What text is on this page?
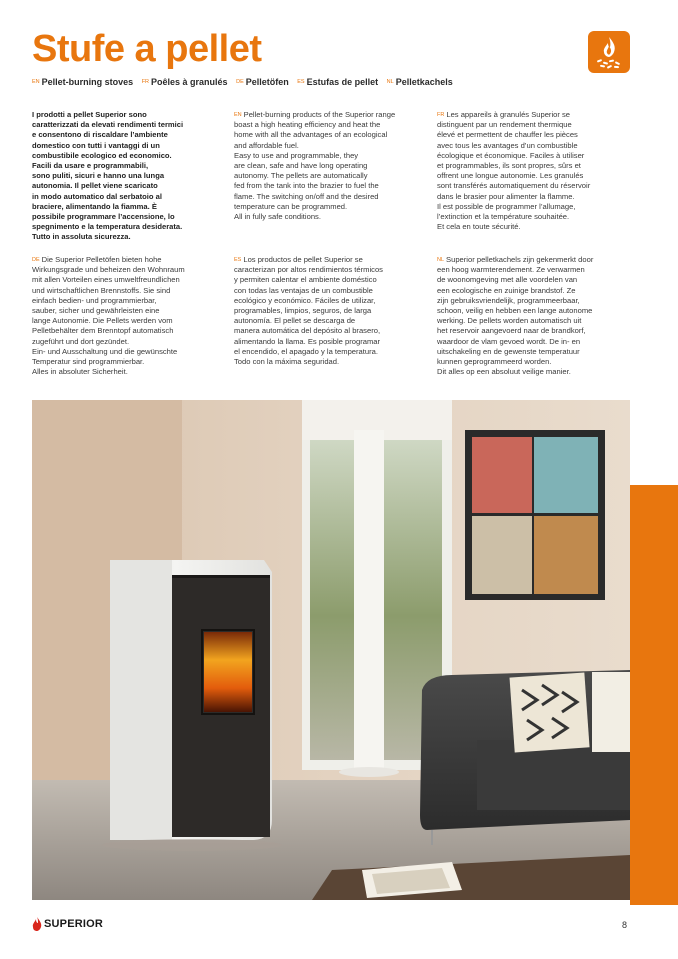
Stufe a pellet
$^{EN}$ Pellet-burning stoves $^{FR}$ Poêles à granulés $^{DE}$ Pelletöfen $^{ES}$ Estufas de pellet $^{NL}$ Pelletkachels

I prodotti a pellet Superior sono
caratterizzati da elevati rendimenti termici
e consentono di riscaldare l’ambiente
domestico con tutti i vantaggi di un
combustibile ecologico ed economico.
Facili da usare e programmabili,
sono puliti, sicuri e hanno una lunga
autonomia. Il pellet viene scaricato
in modo automatico dal serbatoio al
braciere, alimentando la fiamma. È
possibile programmare l’accensione, lo
spegnimento e la temperatura desiderata.
Tutto in assoluta sicurezza.

EN Pellet-burning products of the Superior range
boast a high heating efficiency and heat the
home with all the advantages of an ecological
and affordable fuel.
Easy to use and programmable, they
are clean, safe and have long operating
autonomy. The pellets are automatically
fed from the tank into the brazier to fuel the
flame. The switching on/off and the desired
temperature can be programmed.
All in fully safe conditions.

FR Les appareils à granulés Superior se
distinguent par un rendement thermique
élevé et permettent de chauffer les pièces
avec tous les avantages d’un combustible
écologique et économique. Faciles à utiliser
et programmables, ils sont propres, sûrs et
offrent une longue autonomie. Les granulés
sont transférés automatiquement du réservoir
dans le brasier pour alimenter la flamme.
Il est possible de programmer l’allumage,
l’extinction et la température souhaitée.
Et cela en toute sécurité.

DE Die Superior Pelletöfen bieten hohe
Wirkungsgrade und beheizen den Wohnraum
mit allen Vorteilen eines umweltfreundlichen
und wirtschaftlichen Brennstoffs. Sie sind
einfach bedien- und programmierbar,
sauber, sicher und gewährleisten eine
lange Autonomie. Die Pellets werden vom
Pelletbehälter dem Brenntopf automatisch
zugeführt und dort gezündet.
Ein- und Ausschaltung und die gewünschte
Temperatur sind programmierbar.
Alles in absoluter Sicherheit.

ES Los productos de pellet Superior se
caracterizan por altos rendimientos térmicos
y permiten calentar el ambiente doméstico
con todas las ventajas de un combustible
ecológico y económico. Fáciles de utilizar,
programables, limpios, seguros, de larga
autonomía. El pellet se descarga de
manera automática del depósito al brasero,
alimentando la llama. Es posible programar
el encendido, el apagado y la temperatura.
Todo con la máxima seguridad.

NL Superior pelletkachels zijn gekenmerkt door
een hoog warmterendement. Ze verwarmen
de woonomgeving met alle voordelen van
een ecologische en zuinige brandstof. Ze
zijn gebruiksvriendelijk, programmeerbaar,
schoon, veilig en hebben een lange autonome
werking. De pellets worden automatisch uit
het reservoir aangevoerd naar de brandkorf,
waardoor de vlam gevoed wordt. De in- en
uitschakeling en de gewenste temperatuur
kunnen geprogrammeerd worden.
Dit alles op een absoluut veilige manier.

SUPERIOR	8
